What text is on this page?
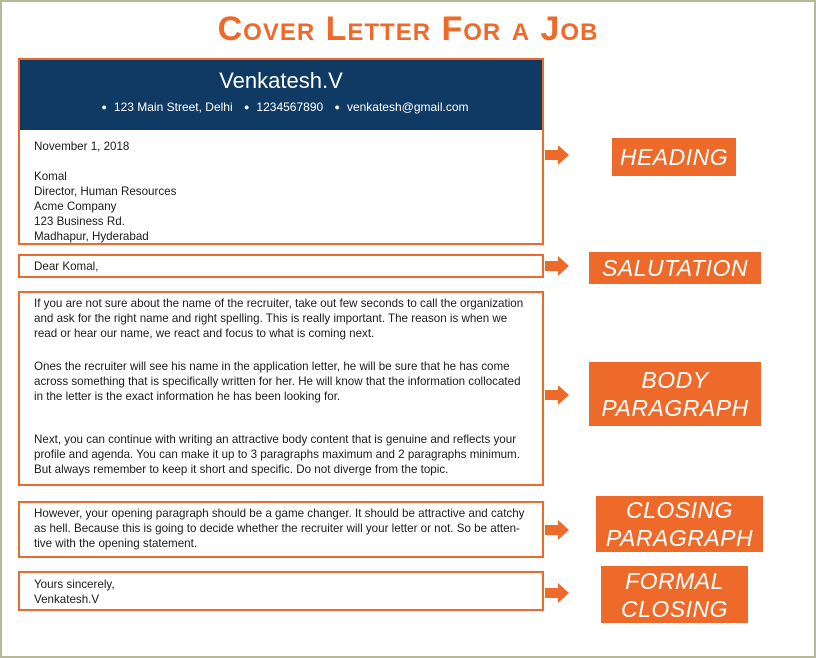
Cover Letter For a Job
Venkatesh.V
● 123 Main Street, Delhi ● 1234567890 ● venkatesh@gmail.com

November 1, 2018

Komal

Director, Human Resources

Acme Company

123 Business Rd.

Madhapur, Hyderabad

Dear Komal,

If you are not sure about the name of the recruiter, take out few seconds to call the organization

and ask for the right name and right spelling. This is really important. The reason is when we

read or hear our name, we react and focus to what is coming next.

Ones the recruiter will see his name in the application letter, he will be sure that he has come

across something that is specifically written for her. He will know that the information collocated

in the letter is the exact information he has been looking for.

Next, you can continue with writing an attractive body content that is genuine and reflects your

profile and agenda. You can make it up to 3 paragraphs maximum and 2 paragraphs minimum.

But always remember to keep it short and specific. Do not diverge from the topic.

However, your opening paragraph should be a game changer. It should be attractive and catchy

as hell. Because this is going to decide whether the recruiter will your letter or not. So be atten-

tive with the opening statement.

Yours sincerely,

Venkatesh.V

HEADING
SALUTATION
BODY
PARAGRAPH
CLOSING
PARAGRAPH
FORMAL
CLOSING
